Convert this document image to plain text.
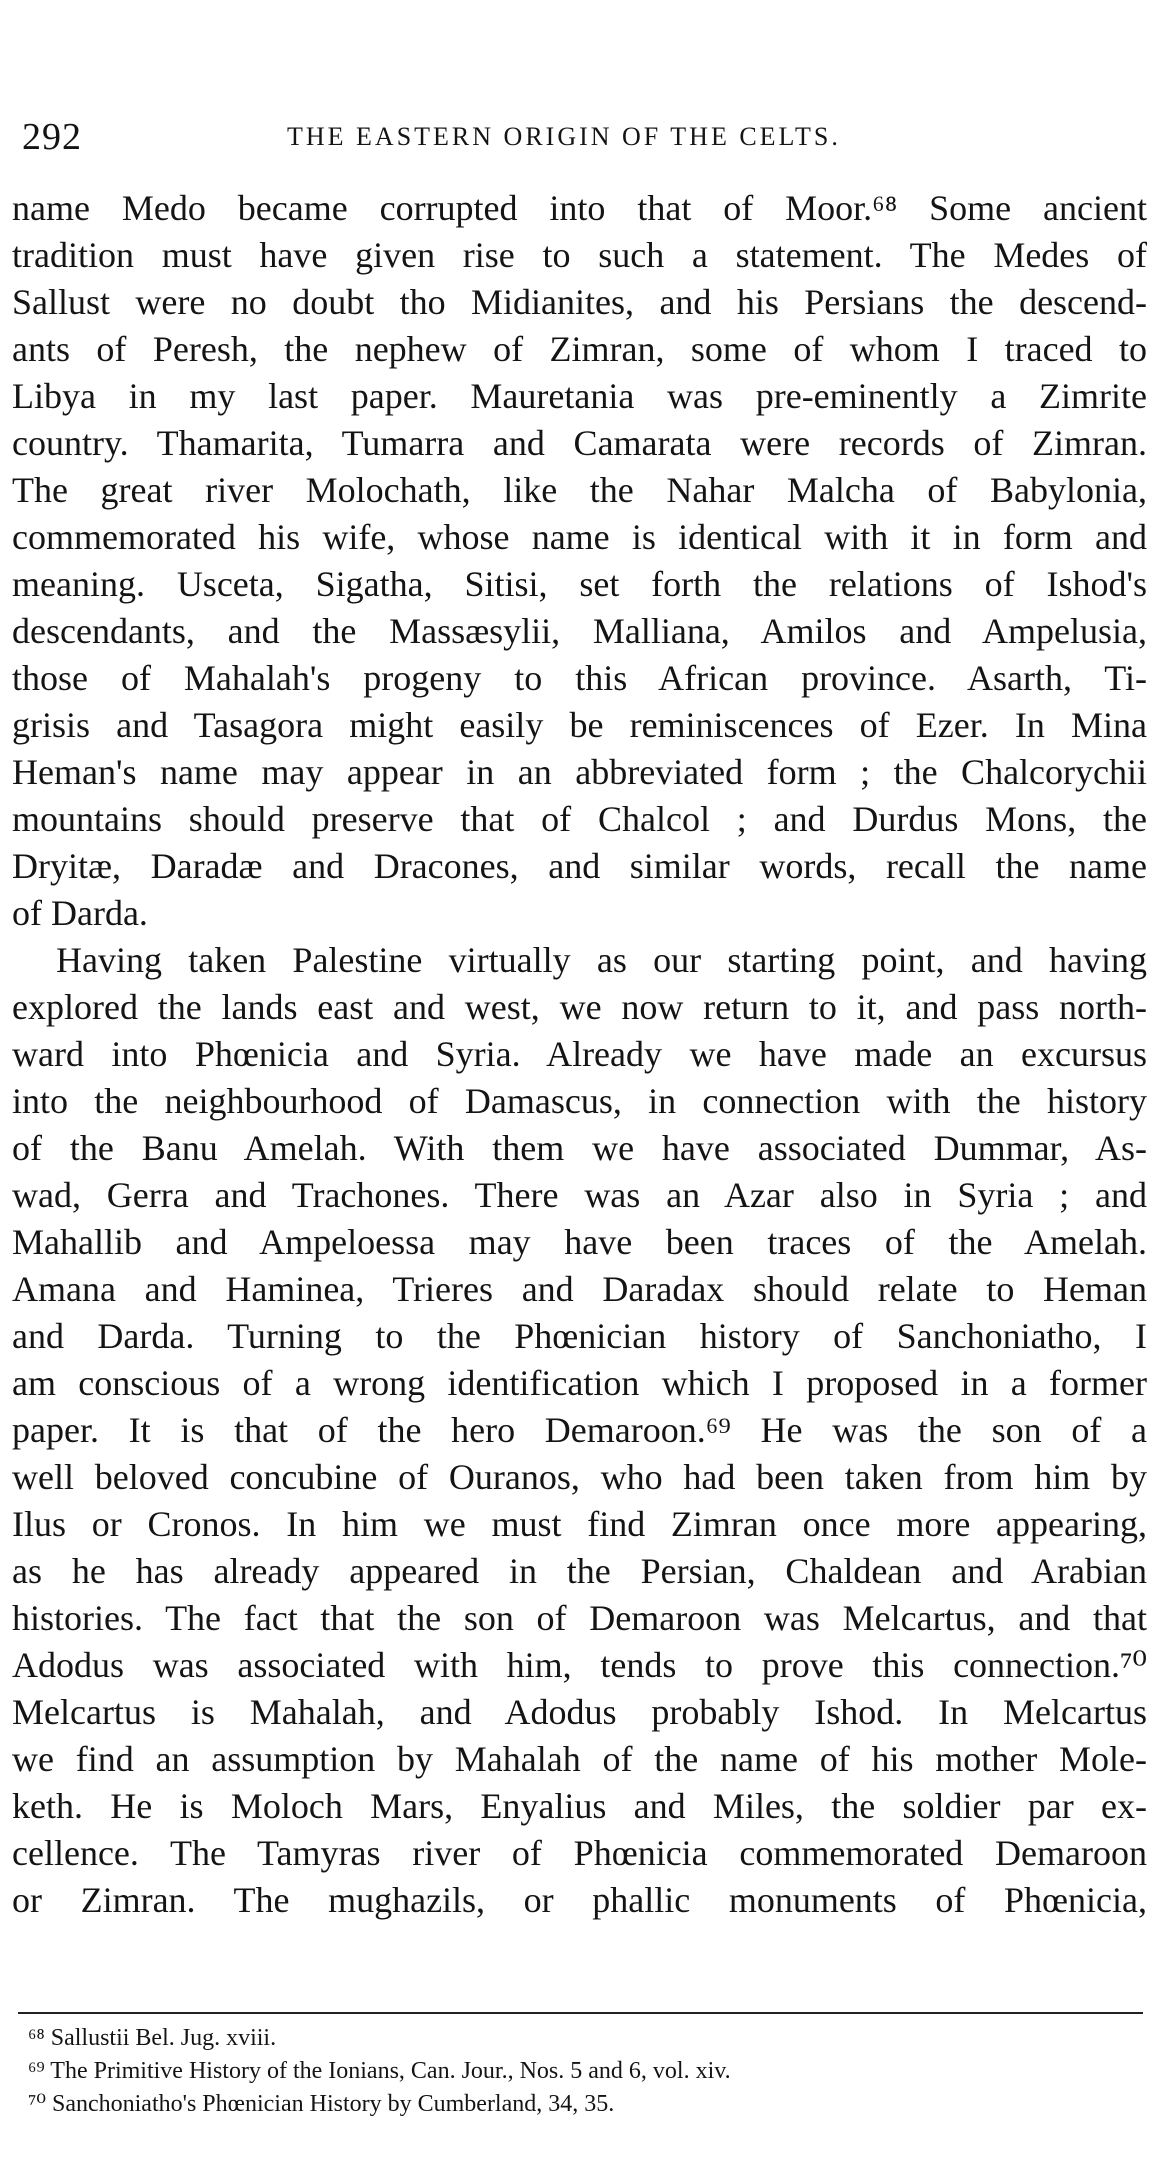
292	THE EASTERN ORIGIN OF THE CELTS.
name Medo became corrupted into that of Moor.⁶⁸ Some ancient
tradition must have given rise to such a statement. The Medes of
Sallust were no doubt tho Midianites, and his Persians the descend-
ants of Peresh, the nephew of Zimran, some of whom I traced to
Libya in my last paper. Mauretania was pre-eminently a Zimrite
country. Thamarita, Tumarra and Camarata were records of Zimran.
The great river Molochath, like the Nahar Malcha of Babylonia,
commemorated his wife, whose name is identical with it in form and
meaning. Usceta, Sigatha, Sitisi, set forth the relations of Ishod's
descendants, and the Massæsylii, Malliana, Amilos and Ampelusia,
those of Mahalah's progeny to this African province. Asarth, Ti-
grisis and Tasagora might easily be reminiscences of Ezer. In Mina
Heman's name may appear in an abbreviated form ; the Chalcorychii
mountains should preserve that of Chalcol ; and Durdus Mons, the
Dryitæ, Daradæ and Dracones, and similar words, recall the name
of Darda.
Having taken Palestine virtually as our starting point, and having
explored the lands east and west, we now return to it, and pass north-
ward into Phœnicia and Syria. Already we have made an excursus
into the neighbourhood of Damascus, in connection with the history
of the Banu Amelah. With them we have associated Dummar, As-
wad, Gerra and Trachones. There was an Azar also in Syria ; and
Mahallib and Ampeloessa may have been traces of the Amelah.
Amana and Haminea, Trieres and Daradax should relate to Heman
and Darda. Turning to the Phœnician history of Sanchoniatho, I
am conscious of a wrong identification which I proposed in a former
paper. It is that of the hero Demaroon.⁶⁹ He was the son of a
well beloved concubine of Ouranos, who had been taken from him by
Ilus or Cronos. In him we must find Zimran once more appearing,
as he has already appeared in the Persian, Chaldean and Arabian
histories. The fact that the son of Demaroon was Melcartus, and that
Adodus was associated with him, tends to prove this connection.⁷⁰
Melcartus is Mahalah, and Adodus probably Ishod. In Melcartus
we find an assumption by Mahalah of the name of his mother Mole-
keth. He is Moloch Mars, Enyalius and Miles, the soldier par ex-
cellence. The Tamyras river of Phœnicia commemorated Demaroon
or Zimran. The mughazils, or phallic monuments of Phœnicia,
⁶⁸ Sallustii Bel. Jug. xviii.
⁶⁹ The Primitive History of the Ionians, Can. Jour., Nos. 5 and 6, vol. xiv.
⁷⁰ Sanchoniatho's Phœnician History by Cumberland, 34, 35.
